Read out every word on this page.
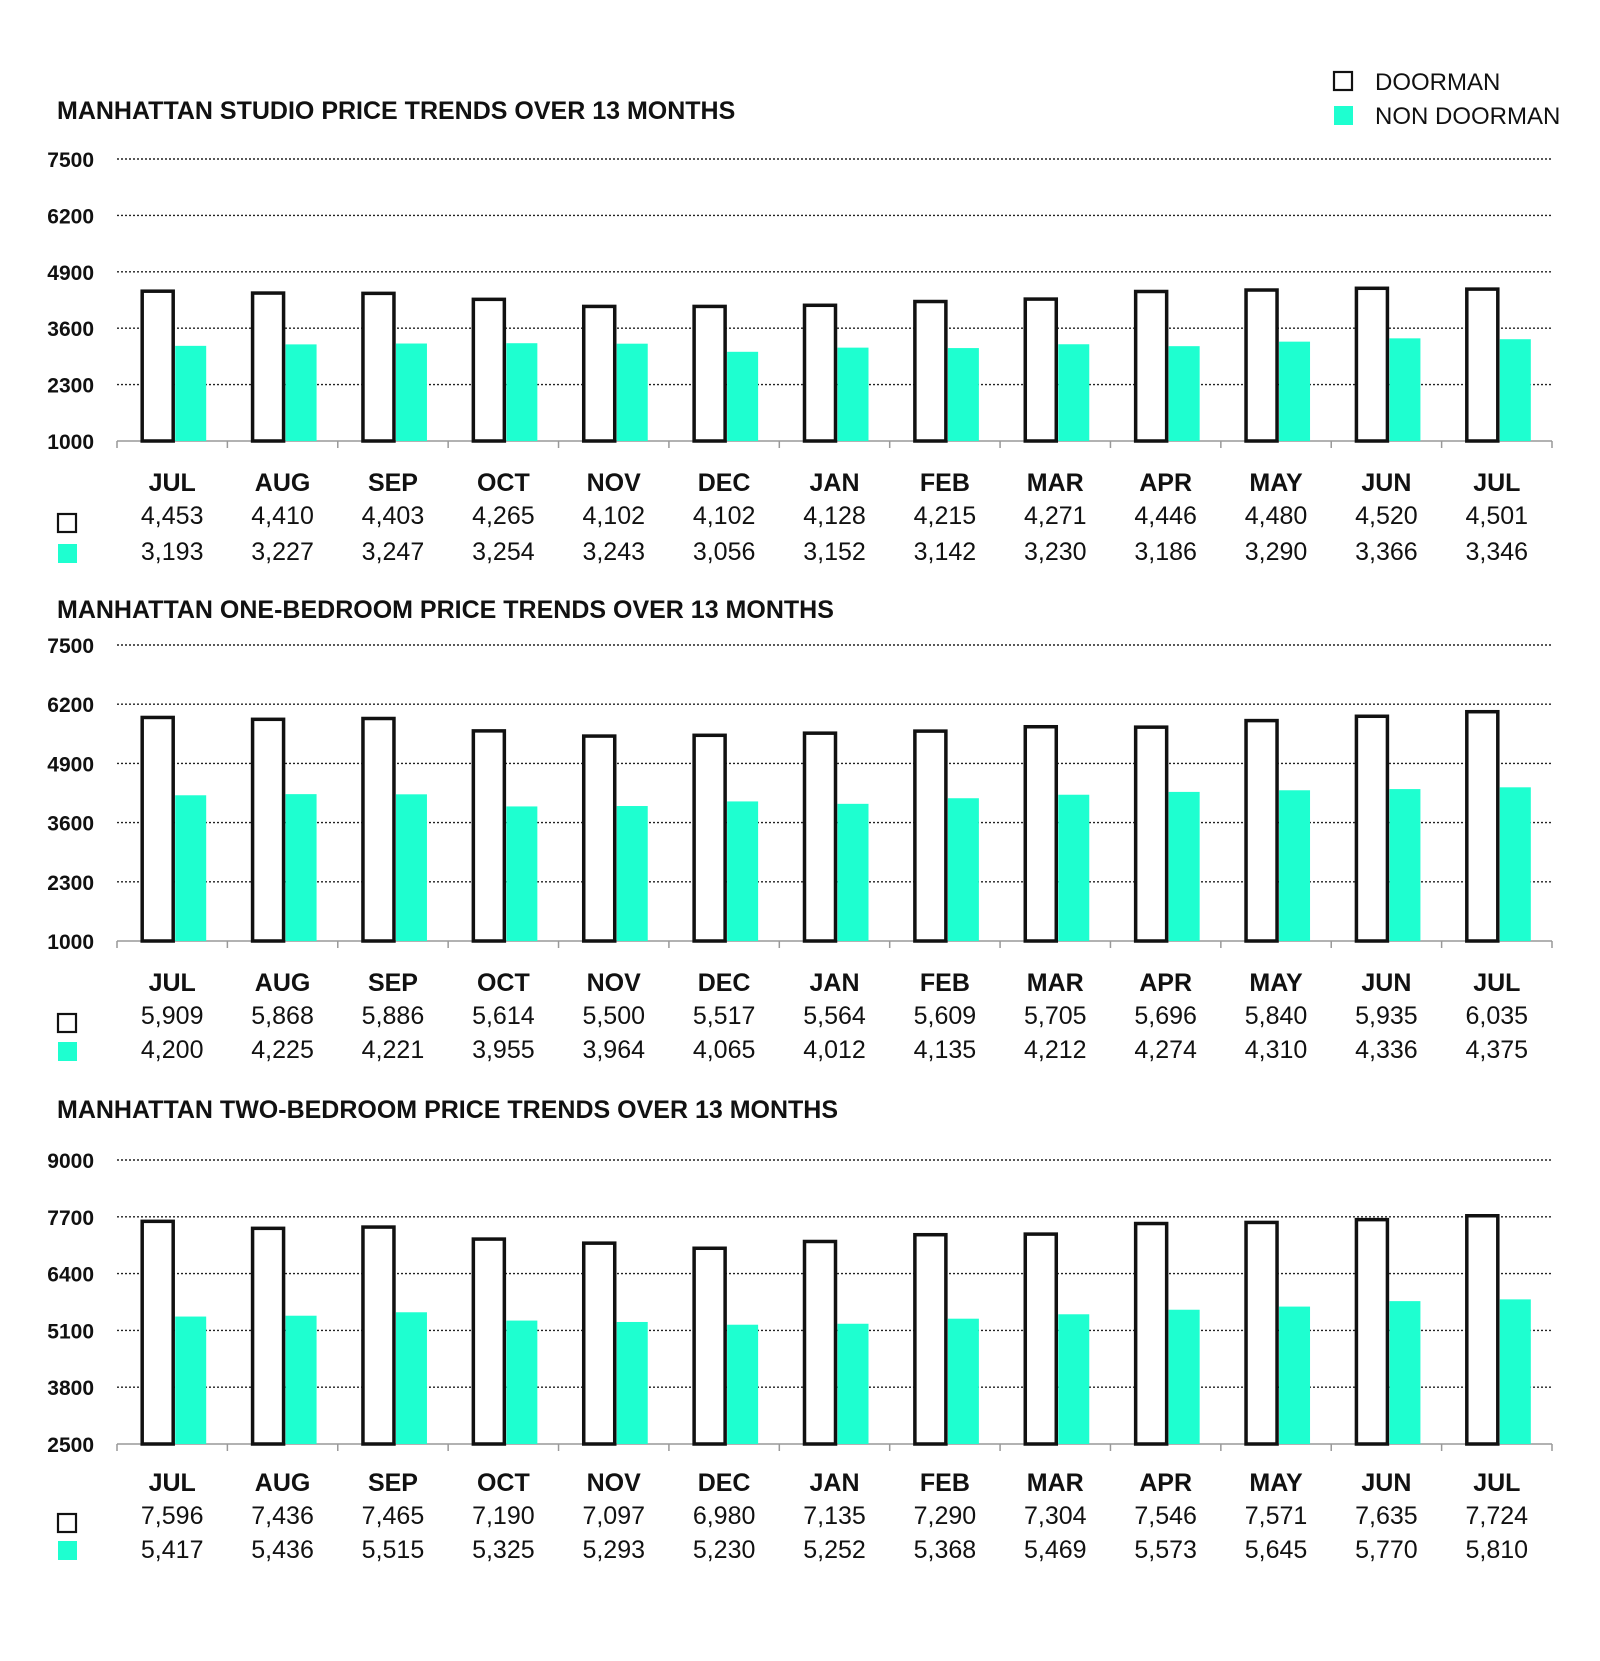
DOORMAN
NON DOORMAN
MANHATTAN STUDIO PRICE TRENDS OVER 13 MONTHS
7500
6200
4900
3600
2300
1000
JUL
4,453
3,193
AUG
4,410
3,227
SEP
4,403
3,247
OCT
4,265
3,254
NOV
4,102
3,243
DEC
4,102
3,056
JAN
4,128
3,152
FEB
4,215
3,142
MAR
4,271
3,230
APR
4,446
3,186
MAY
4,480
3,290
JUN
4,520
3,366
JUL
4,501
3,346
MANHATTAN ONE-BEDROOM PRICE TRENDS OVER 13 MONTHS
7500
6200
4900
3600
2300
1000
JUL
5,909
4,200
AUG
5,868
4,225
SEP
5,886
4,221
OCT
5,614
3,955
NOV
5,500
3,964
DEC
5,517
4,065
JAN
5,564
4,012
FEB
5,609
4,135
MAR
5,705
4,212
APR
5,696
4,274
MAY
5,840
4,310
JUN
5,935
4,336
JUL
6,035
4,375
MANHATTAN TWO-BEDROOM PRICE TRENDS OVER 13 MONTHS
9000
7700
6400
5100
3800
2500
JUL
7,596
5,417
AUG
7,436
5,436
SEP
7,465
5,515
OCT
7,190
5,325
NOV
7,097
5,293
DEC
6,980
5,230
JAN
7,135
5,252
FEB
7,290
5,368
MAR
7,304
5,469
APR
7,546
5,573
MAY
7,571
5,645
JUN
7,635
5,770
JUL
7,724
5,810
